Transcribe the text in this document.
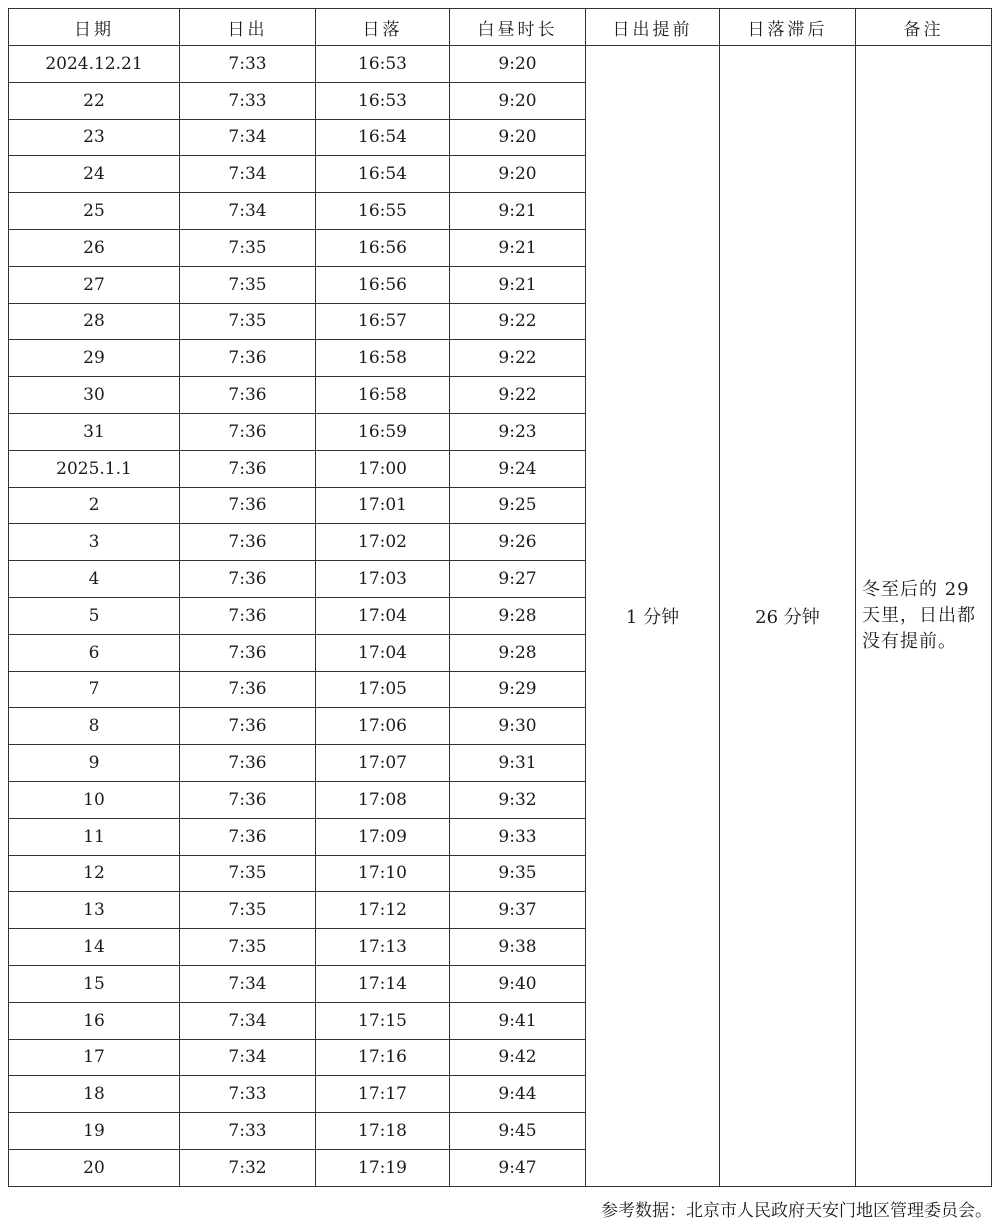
日期	日出	日落	白昼时长	日出提前	日落滞后	备注
2024.12.21	7:33	16:53	9:20	1 分钟	26 分钟	冬至后的 29 天里，日出都没有提前。
22	7:33	16:53	9:20			
23	7:34	16:54	9:20			
24	7:34	16:54	9:20			
25	7:34	16:55	9:21			
26	7:35	16:56	9:21			
27	7:35	16:56	9:21			
28	7:35	16:57	9:22			
29	7:36	16:58	9:22			
30	7:36	16:58	9:22			
31	7:36	16:59	9:23			
2025.1.1	7:36	17:00	9:24			
2	7:36	17:01	9:25			
3	7:36	17:02	9:26			
4	7:36	17:03	9:27			
5	7:36	17:04	9:28			
6	7:36	17:04	9:28			
7	7:36	17:05	9:29			
8	7:36	17:06	9:30			
9	7:36	17:07	9:31			
10	7:36	17:08	9:32			
11	7:36	17:09	9:33			
12	7:35	17:10	9:35			
13	7:35	17:12	9:37			
14	7:35	17:13	9:38			
15	7:34	17:14	9:40			
16	7:34	17:15	9:41			
17	7:34	17:16	9:42			
18	7:33	17:17	9:44			
19	7:33	17:18	9:45			
20	7:32	17:19	9:47			
参考数据：北京市人民政府天安门地区管理委员会。
